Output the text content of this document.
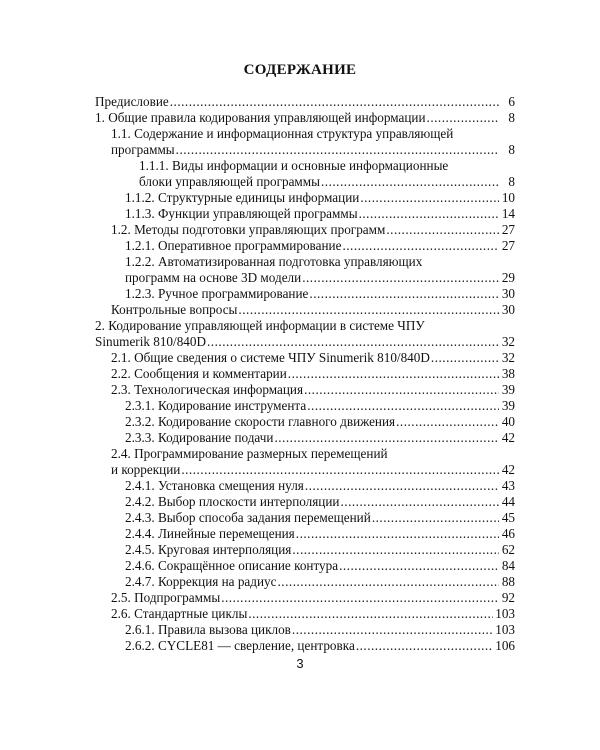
СОДЕРЖАНИЕ
Предисловие .....	6
1. Общие правила кодирования управляющей информации .....	8
1.1. Содержание и информационная структура управляющей
программы .....	8
1.1.1. Виды информации и основные информационные
блоки управляющей программы .....	8
1.1.2. Структурные единицы информации .....	10
1.1.3. Функции управляющей программы .....	14
1.2. Методы подготовки управляющих программ .....	27
1.2.1. Оперативное программирование .....	27
1.2.2. Автоматизированная подготовка управляющих
программ на основе 3D модели .....	29
1.2.3. Ручное программирование .....	30
Контрольные вопросы .....	30
2. Кодирование управляющей информации в системе ЧПУ
Sinumerik 810/840D .....	32
2.1. Общие сведения о системе ЧПУ Sinumerik 810/840D .....	32
2.2. Сообщения и комментарии .....	38
2.3. Технологическая информация .....	39
2.3.1. Кодирование инструмента .....	39
2.3.2. Кодирование скорости главного движения .....	40
2.3.3. Кодирование подачи .....	42
2.4. Программирование размерных перемещений
и коррекции .....	42
2.4.1. Установка смещения нуля .....	43
2.4.2. Выбор плоскости интерполяции .....	44
2.4.3. Выбор способа задания перемещений .....	45
2.4.4. Линейные перемещения .....	46
2.4.5. Круговая интерполяция .....	62
2.4.6. Сокращённое описание контура .....	84
2.4.7. Коррекция на радиус .....	88
2.5. Подпрограммы .....	92
2.6. Стандартные циклы .....	103
2.6.1. Правила вызова циклов .....	103
2.6.2. CYCLE81 — сверление, центровка .....	106
3
